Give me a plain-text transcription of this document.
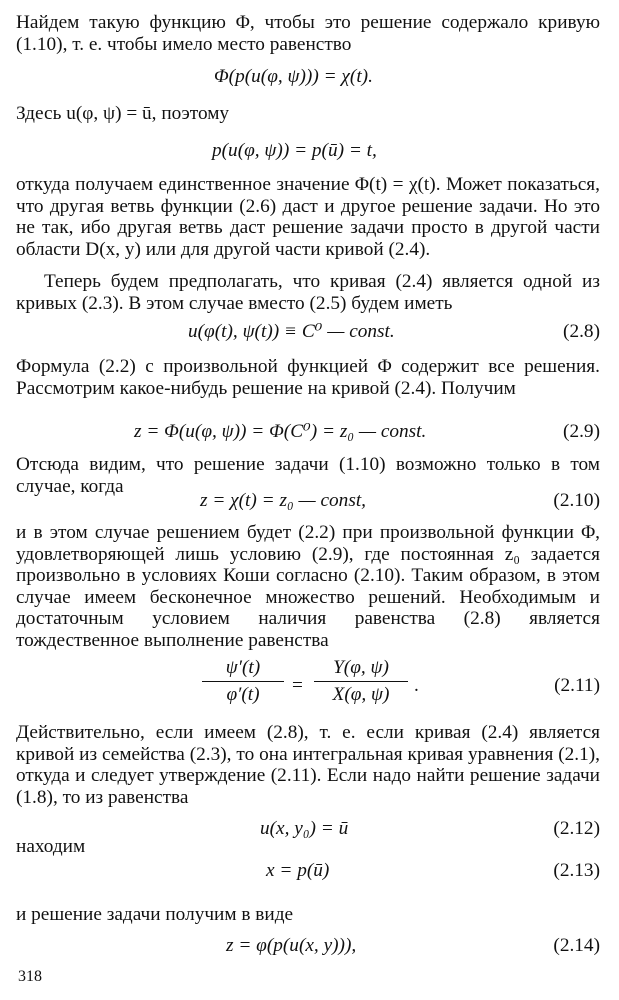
Найдем такую функцию Φ, чтобы это решение содержало кривую (1.10), т. е. чтобы имело место равенство

Φ(p(u(φ, ψ))) = χ(t).

Здесь u(φ, ψ) = ū, поэтому

p(u(φ, ψ)) = p(ū) = t,

откуда получаем единственное значение Φ(t) = χ(t). Может показаться, что другая ветвь функции (2.6) даст и другое решение задачи. Но это не так, ибо другая ветвь даст решение задачи просто в другой части области D(x, y) или для другой части кривой (2.4).

Теперь будем предполагать, что кривая (2.4) является одной из кривых (2.3). В этом случае вместо (2.5) будем иметь

u(φ(t), ψ(t)) ≡ C⁰ — const.	(2.8)

Формула (2.2) с произвольной функцией Φ содержит все решения. Рассмотрим какое-нибудь решение на кривой (2.4). Получим

z = Φ(u(φ, ψ)) = Φ(C⁰) = z₀ — const.	(2.9)

Отсюда видим, что решение задачи (1.10) возможно только в том случае, когда

z = χ(t) = z₀ — const,	(2.10)

и в этом случае решением будет (2.2) при произвольной функции Φ, удовлетворяющей лишь условию (2.9), где постоянная z₀ задается произвольно в условиях Коши согласно (2.10). Таким образом, в этом случае имеем бесконечное множество решений. Необходимым и достаточным условием наличия равенства (2.8) является тождественное выполнение равенства

ψ′(t)
φ′(t)	=
Y(φ, ψ)
X(φ, ψ)	.	(2.11)

Действительно, если имеем (2.8), т. е. если кривая (2.4) является кривой из семейства (2.3), то она интегральная кривая уравнения (2.1), откуда и следует утверждение (2.11). Если надо найти решение задачи (1.8), то из равенства

u(x, y₀) = ū	(2.12)
находим
x = p(ū)	(2.13)

и решение задачи получим в виде

z = φ(p(u(x, y))),	(2.14)
318
